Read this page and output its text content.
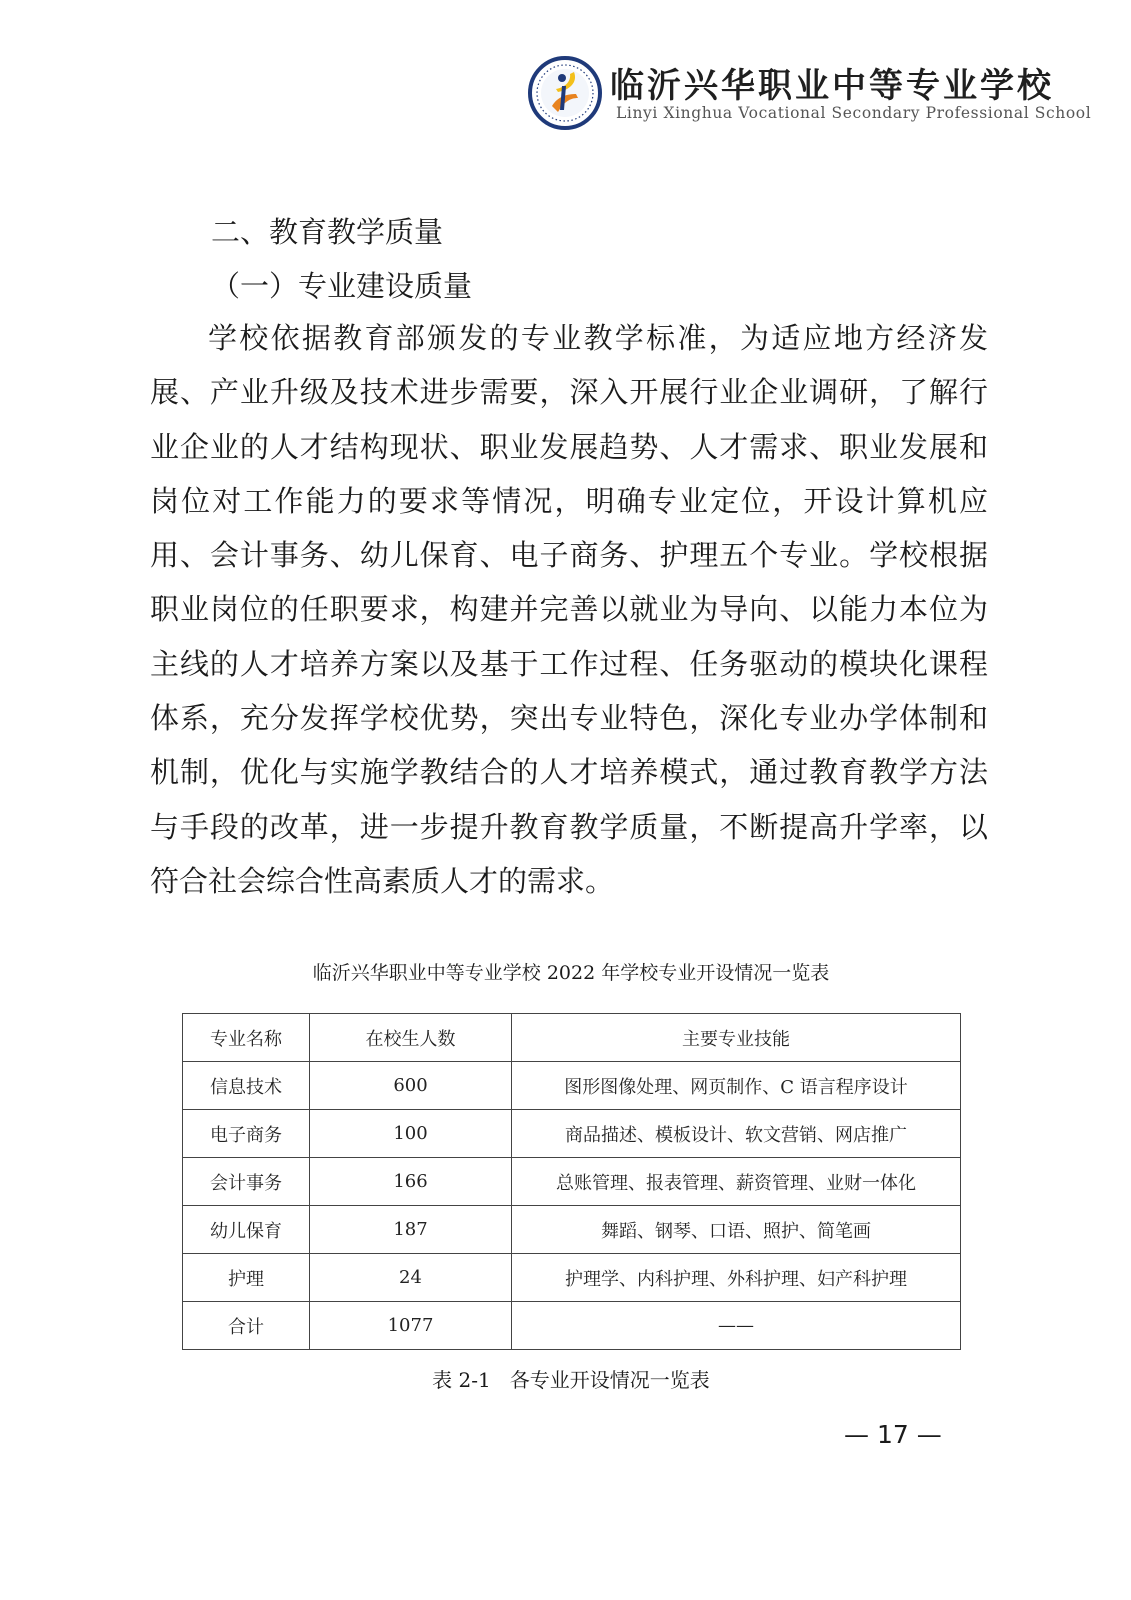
临沂兴华职业中等专业学校
Linyi Xinghua Vocational Secondary Professional School
二、教育教学质量
（一）专业建设质量

学校依据教育部颁发的专业教学标准，为适应地方经济发展、产业升级及技术进步需要，深入开展行业企业调研，了解行业企业的人才结构现状、职业发展趋势、人才需求、职业发展和岗位对工作能力的要求等情况，明确专业定位，开设计算机应用、会计事务、幼儿保育、电子商务、护理五个专业。学校根据职业岗位的任职要求，构建并完善以就业为导向、以能力本位为主线的人才培养方案以及基于工作过程、任务驱动的模块化课程体系，充分发挥学校优势，突出专业特色，深化专业办学体制和机制，优化与实施学教结合的人才培养模式，通过教育教学方法与手段的改革，进一步提升教育教学质量，不断提高升学率，以符合社会综合性高素质人才的需求。

临沂兴华职业中等专业学校 2022 年学校专业开设情况一览表
专业名称	在校生人数	主要专业技能
信息技术	600	图形图像处理、网页制作、C 语言程序设计
电子商务	100	商品描述、模板设计、软文营销、网店推广
会计事务	166	总账管理、报表管理、薪资管理、业财一体化
幼儿保育	187	舞蹈、钢琴、口语、照护、简笔画
护理	24	护理学、内科护理、外科护理、妇产科护理
合计	1077	——
表 2-1   各专业开设情况一览表
— 17 —
